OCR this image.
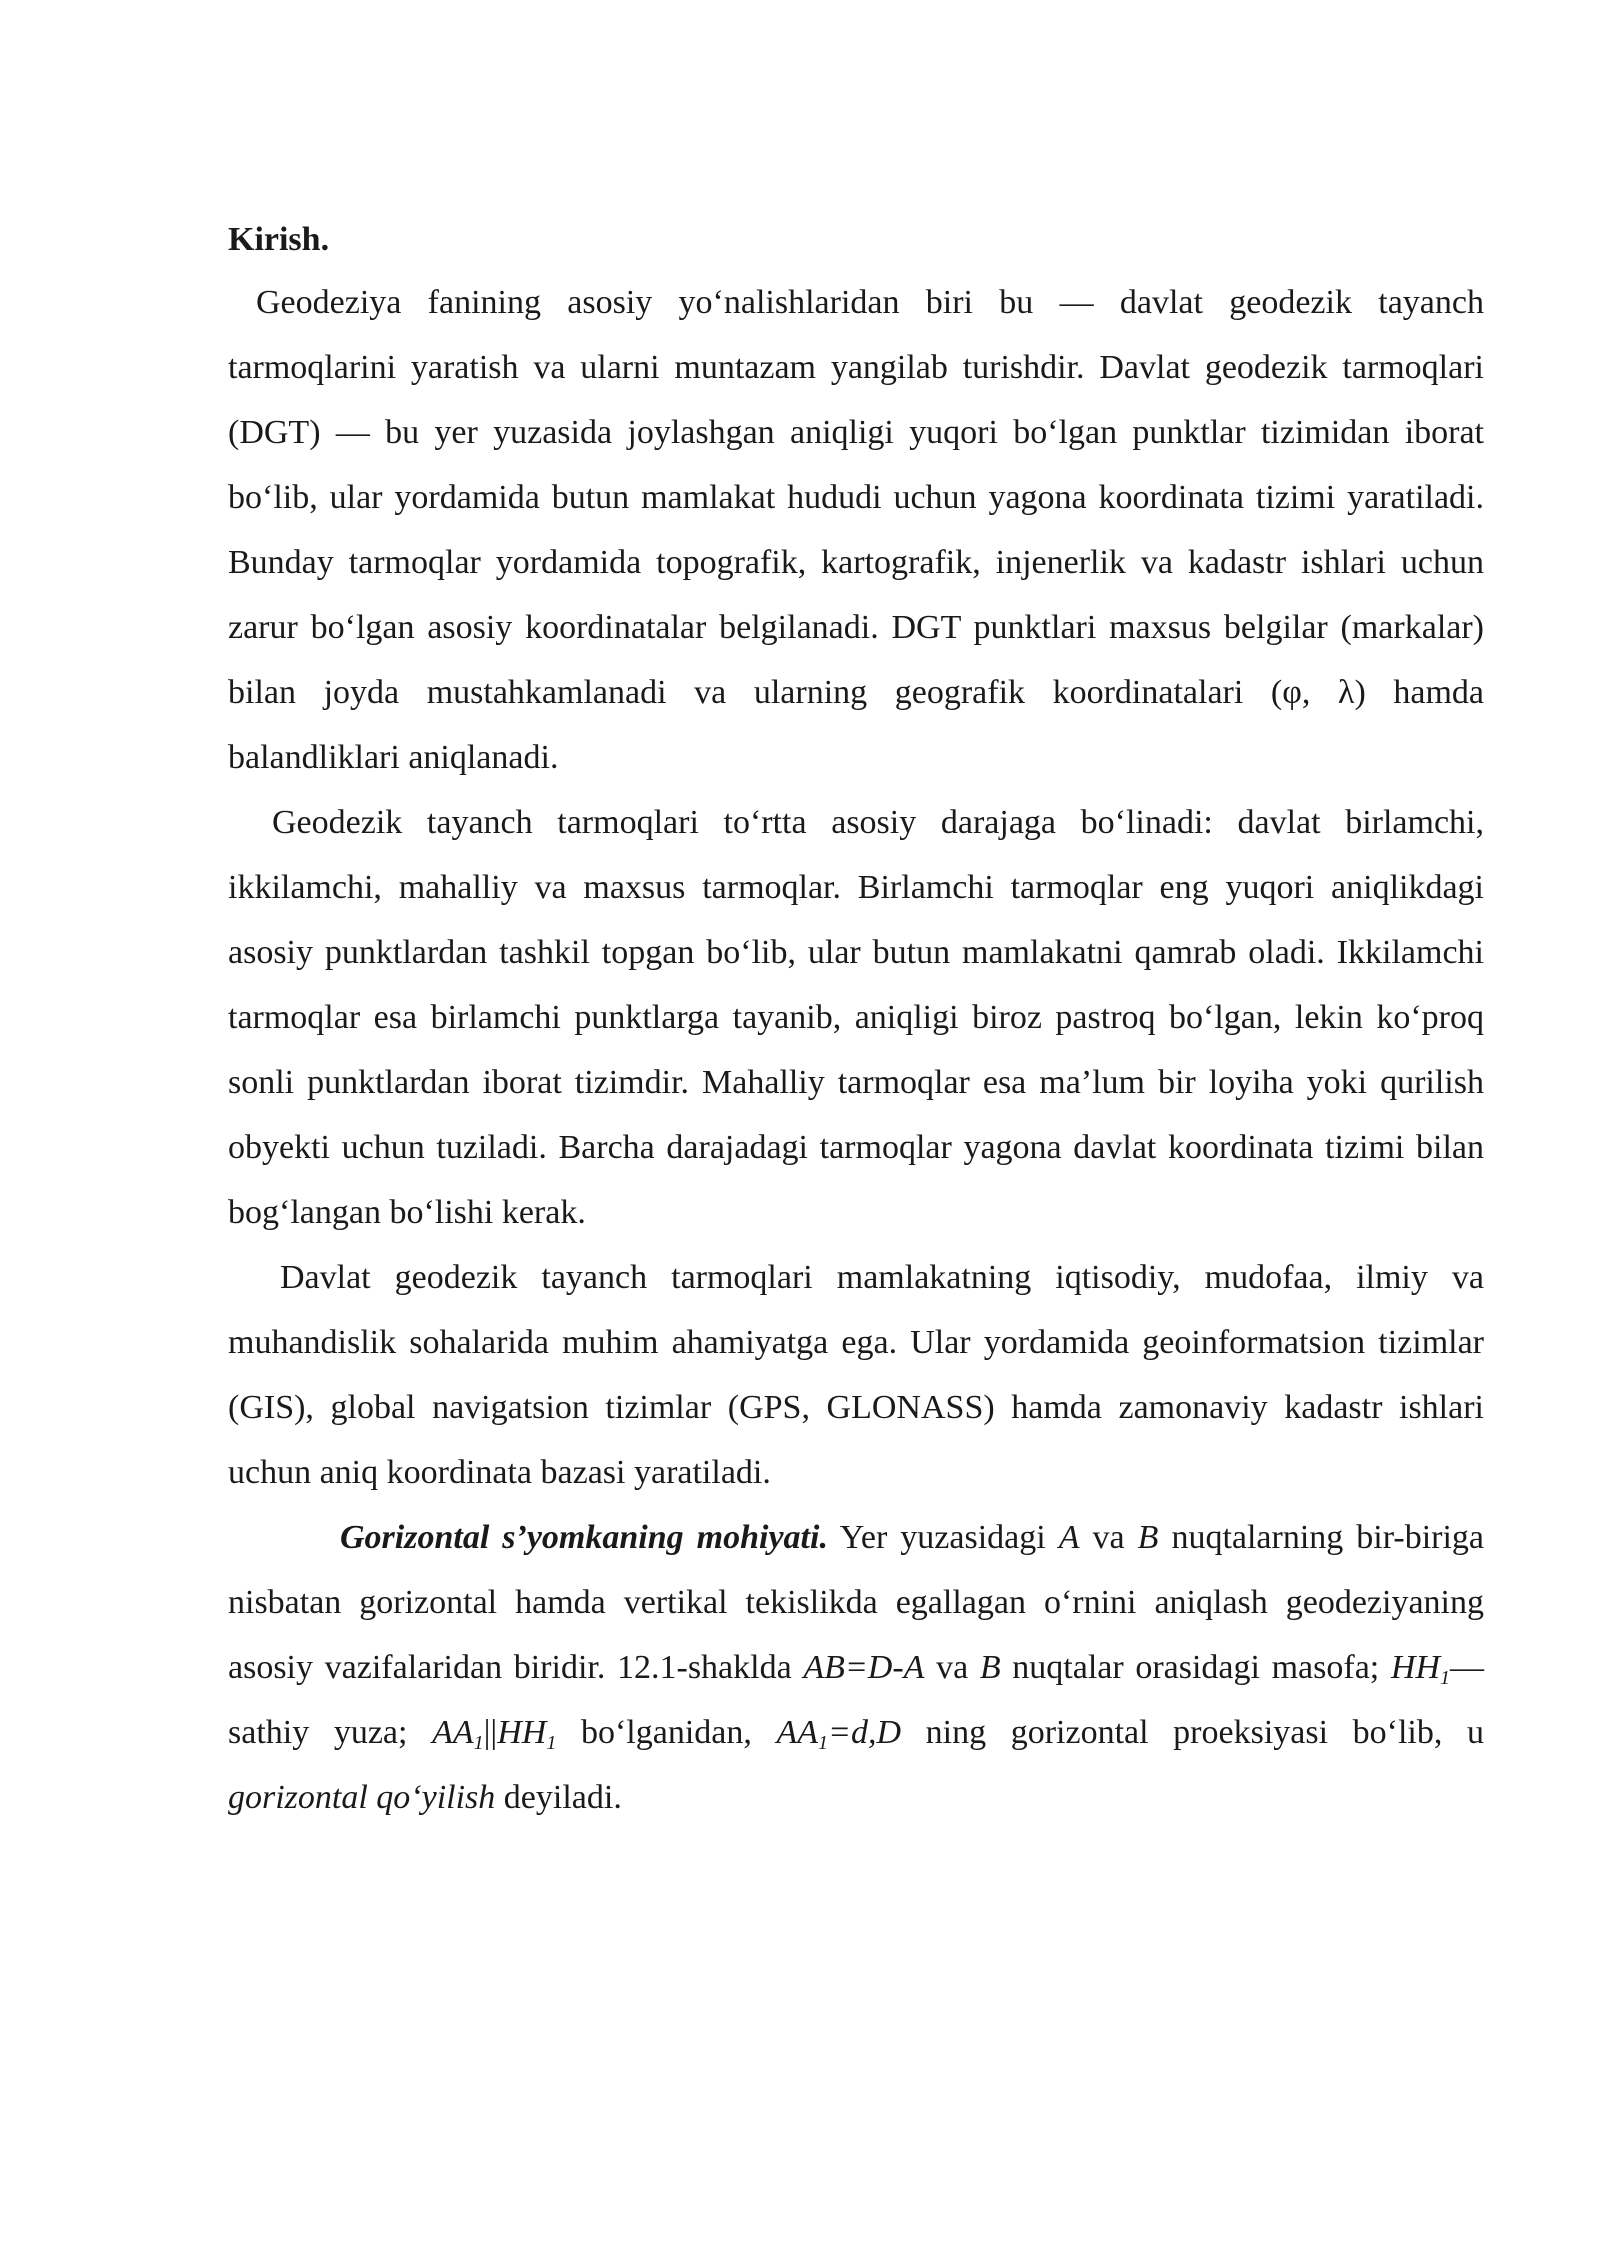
Kirish.

Geodeziya fanining asosiy yo‘nalishlaridan biri bu — davlat geodezik tayanch tarmoqlarini yaratish va ularni muntazam yangilab turishdir. Davlat geodezik tarmoqlari (DGT) — bu yer yuzasida joylashgan aniqligi yuqori bo‘lgan punktlar tizimidan iborat bo‘lib, ular yordamida butun mamlakat hududi uchun yagona koordinata tizimi yaratiladi. Bunday tarmoqlar yordamida topografik, kartografik, injenerlik va kadastr ishlari uchun zarur bo‘lgan asosiy koordinatalar belgilanadi. DGT punktlari maxsus belgilar (markalar) bilan joyda mustahkamlanadi va ularning geografik koordinatalari (φ, λ) hamda balandliklari aniqlanadi.

Geodezik tayanch tarmoqlari to‘rtta asosiy darajaga bo‘linadi: davlat birlamchi, ikkilamchi, mahalliy va maxsus tarmoqlar. Birlamchi tarmoqlar eng yuqori aniqlikdagi asosiy punktlardan tashkil topgan bo‘lib, ular butun mamlakatni qamrab oladi. Ikkilamchi tarmoqlar esa birlamchi punktlarga tayanib, aniqligi biroz pastroq bo‘lgan, lekin ko‘proq sonli punktlardan iborat tizimdir. Mahalliy tarmoqlar esa ma’lum bir loyiha yoki qurilish obyekti uchun tuziladi. Barcha darajadagi tarmoqlar yagona davlat koordinata tizimi bilan bog‘langan bo‘lishi kerak.

Davlat geodezik tayanch tarmoqlari mamlakatning iqtisodiy, mudofaa, ilmiy va muhandislik sohalarida muhim ahamiyatga ega. Ular yordamida geoinformatsion tizimlar (GIS), global navigatsion tizimlar (GPS, GLONASS) hamda zamonaviy kadastr ishlari uchun aniq koordinata bazasi yaratiladi.

Gorizontal s’yomkaning mohiyati. Yer yuzasidagi A va B nuqtalarning bir-biriga nisbatan gorizontal hamda vertikal tekislikda egallagan o‘rnini aniqlash geodeziyaning asosiy vazifalaridan biridir. 12.1-shaklda AB=D-A va B nuqtalar orasidagi masofa; $HH_1—sathiy$ yuza; $AA_1||HH_1$ bo‘lganidan, $AA_1=d,D$ ning gorizontal proeksiyasi bo‘lib, u gorizontal qo‘yilish deyiladi.
